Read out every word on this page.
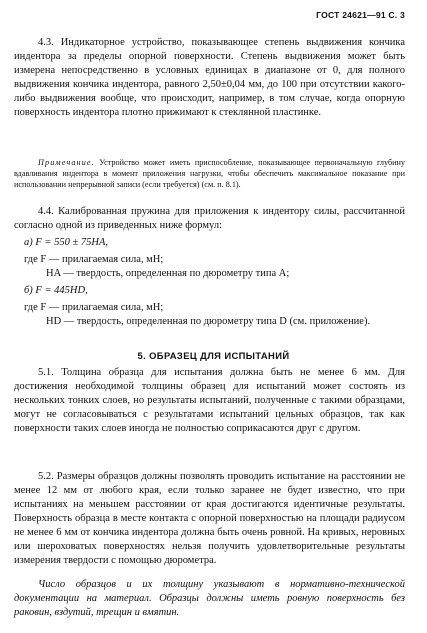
ГОСТ 24621—91 С. 3
4.3. Индикаторное устройство, показывающее степень выдвижения кончика индентора за пределы опорной поверхности. Степень выдвижения может быть измерена непосредственно в условных единицах в диапазоне от 0, для полного выдвижения кончика индентора, равного 2,50±0,04 мм, до 100 при отсутствии какого-либо выдвижения вообще, что происходит, например, в том случае, когда опорную поверхность индентора плотно прижимают к стеклянной пластинке.
Примечание. Устройство может иметь приспособление, показывающее первоначальную глубину вдавливания индентора в момент приложения нагрузки, чтобы обеспечить максимальное показание при использовании непрерывной записи (если требуется) (см. п. 8.1).
4.4. Калиброванная пружина для приложения к индентору силы, рассчитанной согласно одной из приведенных ниже формул:
а) F = 550 ± 75HA,
где F — прилагаемая сила, мН;
HA — твердость, определенная по дюрометру типа А;
б) F = 445HD,
где F — прилагаемая сила, мН;
HD — твердость, определенная по дюрометру типа D (см. приложение).
5. ОБРАЗЕЦ ДЛЯ ИСПЫТАНИЙ
5.1. Толщина образца для испытания должна быть не менее 6 мм. Для достижения необходимой толщины образец для испытаний может состоять из нескольких тонких слоев, но результаты испытаний, полученные с такими образцами, могут не согласовываться с результатами испытаний цельных образцов, так как поверхности таких слоев иногда не полностью соприкасаются друг с другом.
5.2. Размеры образцов должны позволять проводить испытание на расстоянии не менее 12 мм от любого края, если только заранее не будет известно, что при испытаниях на меньшем расстоянии от края достигаются идентичные результаты. Поверхность образца в месте контакта с опорной поверхностью на площади радиусом не менее 6 мм от кончика индентора должна быть очень ровной. На кривых, неровных или шероховатых поверхностях нельзя получить удовлетворительные результаты измерения твердости с помощью дюрометра.
Число образцов и их толщину указывают в нормативно-технической документации на материал. Образцы должны иметь ровную поверхность без раковин, вздутий, трещин и вмятин.
